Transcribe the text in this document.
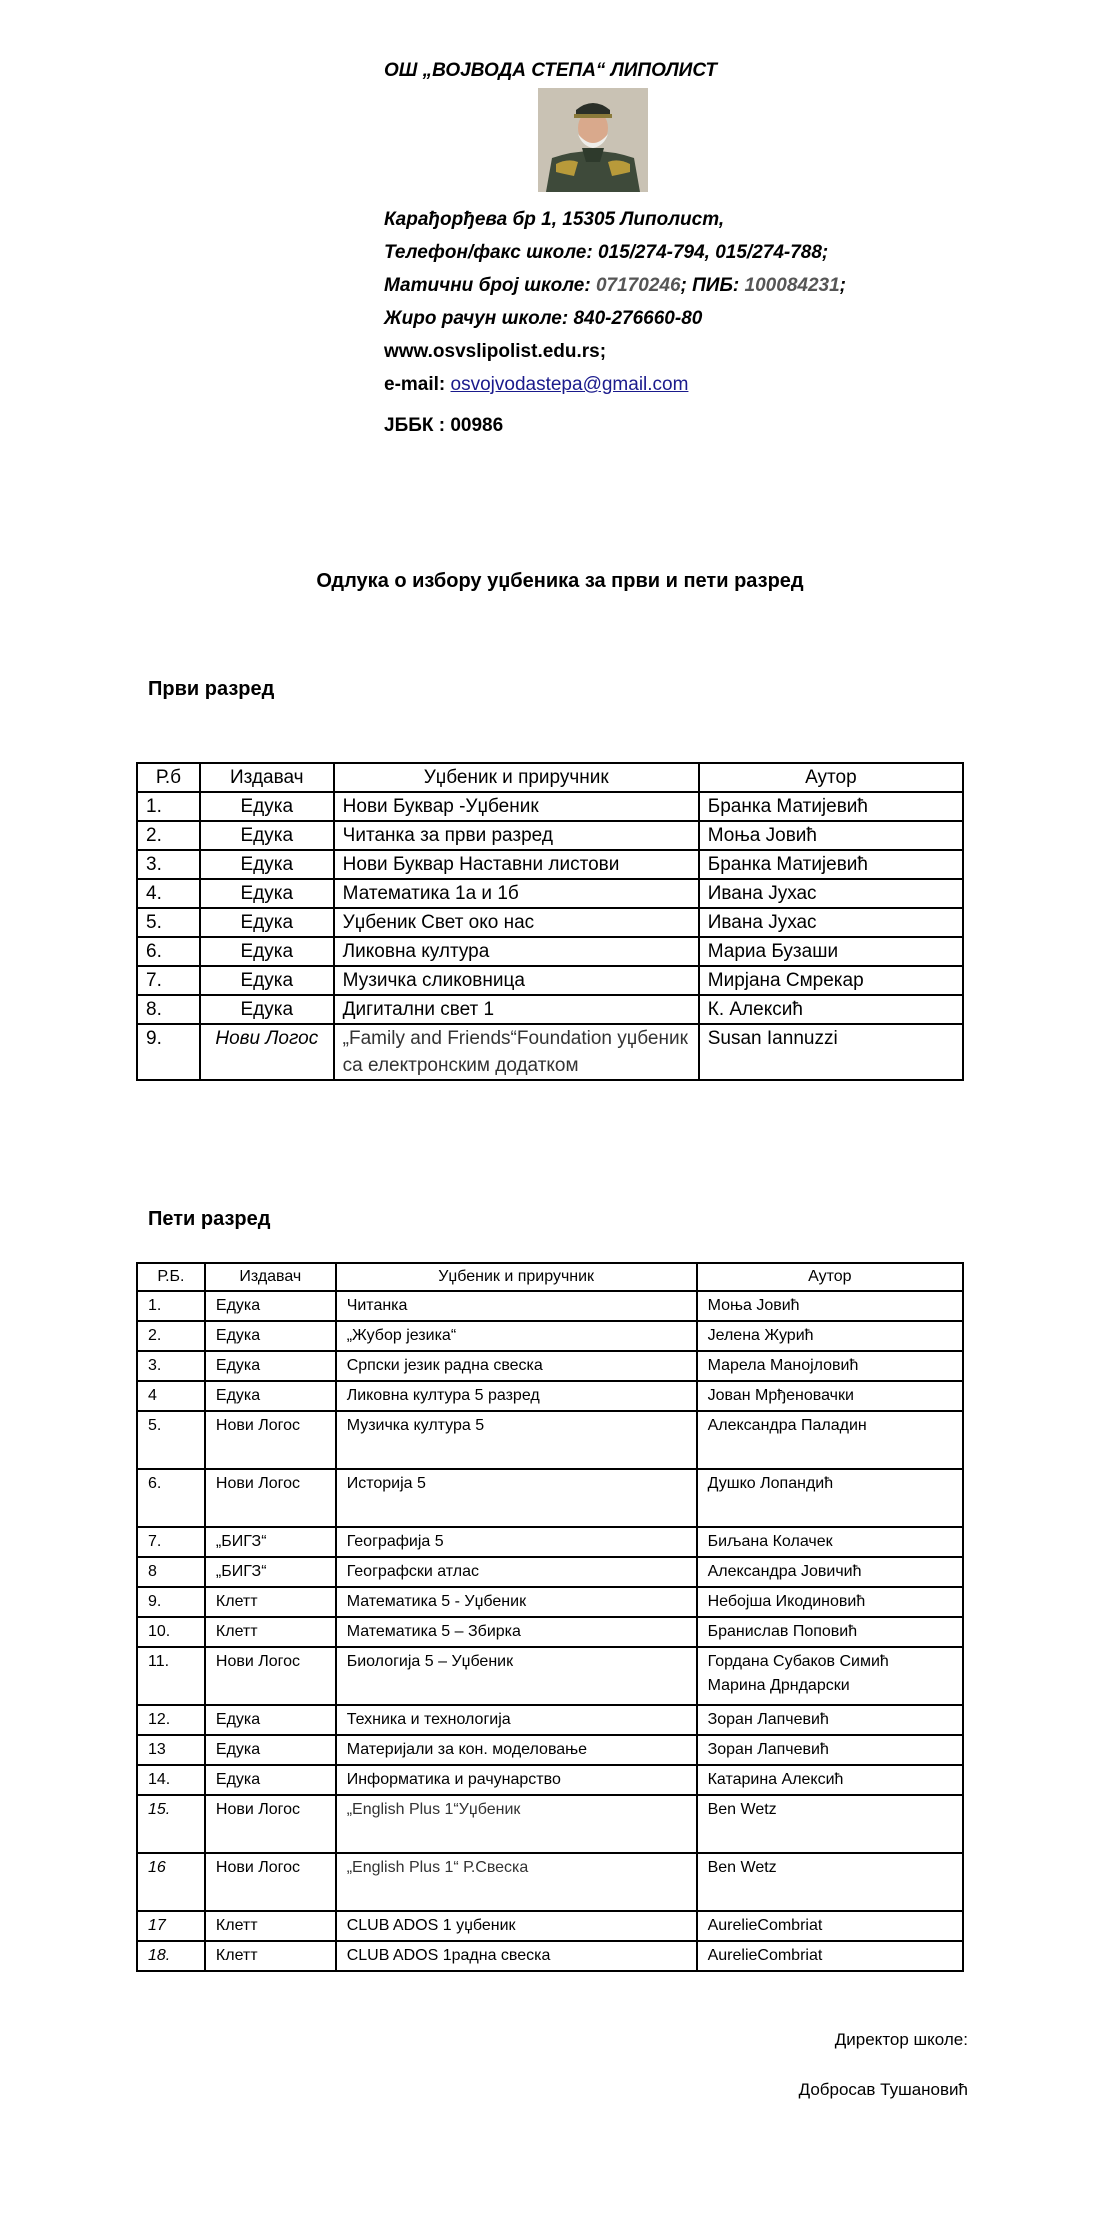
ОШ „ВОЈВОДА СТЕПА“ ЛИПОЛИСТ
Карађорђева бр 1, 15305 Липолист,
Телефон/факс школе: 015/274-794, 015/274-788;
Матични број школе: 07170246; ПИБ: 100084231;
Жиро рачун школе: 840-276660-80
www.osvslipolist.edu.rs;
e-mail: osvojvodastepa@gmail.com
ЈББК : 00986
Одлука о избору уџбеника за први и пети разред
Први разред
Р.б	Издавач	Уџбеник и приручник	Аутор
1.	Едука	Нови Буквар -Уџбеник	Бранка Матијевић
2.	Едука	Читанка за први разред	Моња Јовић
3.	Едука	Нови Буквар Наставни листови	Бранка Матијевић
4.	Едука	Математика 1а и 1б	Ивана Јухас
5.	Едука	Уџбеник Свет око нас	Ивана Јухас
6.	Едука	Ликовна култура	Мариа Бузаши
7.	Едука	Музичка сликовница	Мирјана Смрекар
8.	Едука	Дигитални свет 1	К. Алексић
9.	Нови Логос	„Family and Friends“Foundation уџбеник са електронским додатком	Susan Iannuzzi
Пети разред
Р.Б.	Издавач	Уџбеник и приручник	Аутор
1.	Едука	Читанка	Моња Јовић

2.	Едука	„Жубор језика“	Јелена Журић

3.	Едука	Српски језик радна свеска	Марела Манојловић

4	Едука	Ликовна култура 5 разред	Јован Мрђеновачки

5.	Нови Логос	Музичка култура 5	Александра Паладин

6.	Нови Логос	Историја 5	Душко Лопандић

7.	„БИГЗ“	Географија 5	Биљана Колачек

8	„БИГЗ“	Географски атлас	Александра Јовичић

9.	Клетт	Математика 5 - Уџбеник	Небојша Икодиновић

10.	Клетт	Математика 5 – Збирка	Бранислав Поповић

11.	Нови Логос	Биологија 5 – Уџбеник	Гордана Субаков Симић
Марина Дрндарски

12.	Едука	Техника и технологија	Зоран Лапчевић

13	Едука	Материјали за кон. моделовање	Зоран Лапчевић

14.	Едука	Информатика и рачунарство	Катарина Алексић

15.	Нови Логос	„English Plus 1“Уџбеник	Ben Wetz

16	Нови Логос	„English Plus 1“ Р.Свеска	Ben Wetz

17	Клетт	CLUB ADOS 1 уџбеник	AurelieCombriat

18.	Клетт	CLUB ADOS 1радна свеска	AurelieCombriat
Директор школе:
Добросав Тушановић
